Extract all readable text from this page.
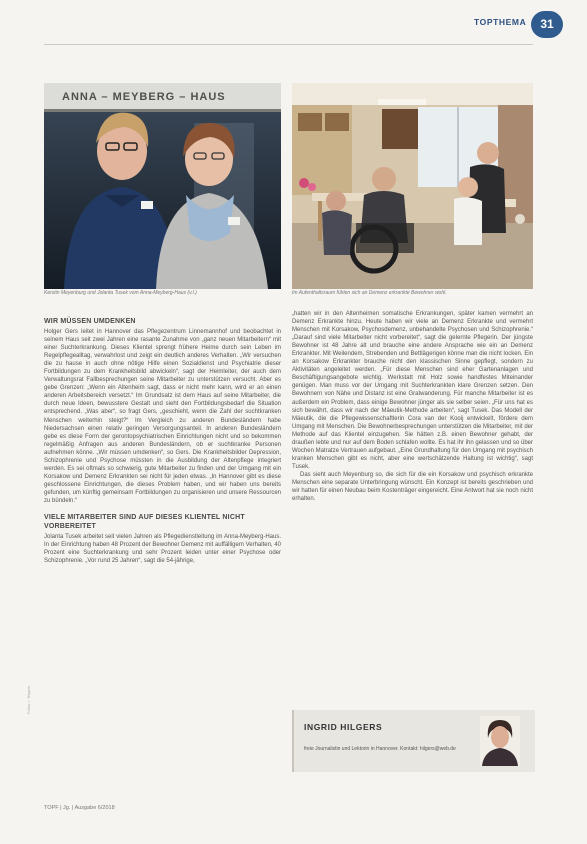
TOPTHEMA	31
ANNA – MEYBERG – HAUS
Kerstin Meyenburg und Jolanta Tusek vom Anna-Meyberg-Haus (v.l.)	Im Aufenthaltsraum fühlen sich an Demenz erkrankte Bewohner wohl.
WIR MÜSSEN UMDENKEN

Holger Gers leitet in Hannover das Pflegezentrum Linnemannhof und beobachtet in seinem Haus seit zwei Jahren eine rasante Zunahme von „ganz neuen Mitarbeitern“ mit einer Suchterkrankung. Dieses Klientel sprengt frühere Heime durch sein Leben im Regelpflegealltag, verwahrlost und zeigt ein deutlich anderes Verhalten. „Wir versuchen die zu hause in auch ohne nötige Hilfe einen Sozialdienst und Psychiatrie dieser Fortbildungen zu dem Krankheitsbild abwickeln“, sagt der Heimleiter, der auch dem Verwaltungsrat Fallbesprechungen seine Mitarbeiter zu unterstützen versucht. Aber es gebe Grenzen: „Wenn ein Altenheim sagt, dass er nicht mehr kann, wird er an einen anderen Arbeitsbereich versetzt.“ Im Grundsatz ist dem Haus auf seine Mitarbeiter, die durch neue Ideen, bewusstere Gestalt und sieht den Fortbildungsbedarf die Situation entsprechend. „Was aber“, so fragt Gers, „geschieht, wenn die Zahl der suchtkranken Menschen weiterhin steigt?“ Im Vergleich zu anderen Bundesländern habe Niedersachsen einen relativ geringen Versorgungsanteil. In anderen Bundesländern gebe es diese Form der gerontopsychiatrischen Einrichtungen nicht und so bekommen regelmäßig Anfragen aus anderen Bundesländern, ob er suchtkranke Personen aufnehmen könne. „Wir müssen umdenken“, so Gers. Die Krankheitsbilder Depression, Schizophrenie und Psychose müssten in die Ausbildung der Altenpflege integriert werden. Es sei oftmals so schwierig, gute Mitarbeiter zu finden und der Umgang mit ein Korsakow und Demenz Erkrankten sei nicht für jeden etwas. „In Hannover gibt es diese geschlossene Einrichtungen, die dieses Problem haben, und wir haben uns bereits gefunden, um künftig gemeinsam Fortbildungen zu organisieren und unsere Ressourcen zu bündeln.“

VIELE MITARBEITER SIND AUF DIESES KLIENTEL NICHT VORBEREITET

Jolanta Tusek arbeitet seit vielen Jahren als Pflegedienstleitung im Anna-Meyberg-Haus. In der Einrichtung haben 48 Prozent der Bewohner Demenz mit auffälligem Verhalten, 40 Prozent eine Suchterkrankung und sehr Prozent leiden unter einer Psychose oder Schizophrenie. „Vor rund 25 Jahren“, sagt die 54-jährige,

„hatten wir in den Altenheimen somatische Erkrankungen, später kamen vermehrt an Demenz Erkrankte hinzu. Heute haben wir viele an Demenz Erkrankte und vermehrt Menschen mit Korsakow, Psychosdemenz, unbehandelte Psychosen und Schizophrenie.“ „Darauf sind viele Mitarbeiter nicht vorbereitet“, sagt die gelernte Pflegerin. Der jüngste Bewohner ist 48 Jahre alt und brauche eine andere Ansprache wie ein an Demenz Erkrankter. Mit Weilendem, Strebenden und Bettlägerigen könne man die nicht locken. Ein an Korsakow Erkrankter brauche nicht den klassischen Sinne gepflegt, sondern zu Aktivitäten angeleitet werden. „Für diese Menschen sind eher Gartenanlagen und Beschäftigungsangebote wichtig. Werkstatt mit Holz sowie handfestes Miteinander genügen. Man muss vor der Umgang mit Suchterkrankten klare Grenzen setzen. Den Bewohnern von Nähe und Distanz ist eine Gratwanderung. Für manche Mitarbeiter ist es außerdem ein Problem, dass einige Bewohner jünger als sie selber seien. „Für uns hat es sich bewährt, dass wir nach der Mäeutik-Methode arbeiten“, sagt Tusek. Das Modell der Mäeutik, die die Pflegewissenschaftlerin Cora van der Kooij entwickelt, fördere dem Umgang mit Menschen. Die Bewohnerbesprechungen unterstützen die Mitarbeiter, mit der Methode auf das Klientel einzugehen. Sie hätten z.B. einen Bewohner gehabt, der draußen lebte und nur auf dem Boden schlafen wollte. Es hat ihr ihn gelassen und so über Wochen Matratze Vertrauen aufgebaut. „Eine Grundhaltung für den Umgang mit psychisch kranken Menschen gibt es nicht, aber eine wertschätzende Haltung ist wichtig“, sagt Tusek.

Das sieht auch Meyenburg so, die sich für die ein Korsakow und psychisch erkrankte Menschen eine separate Unterbringung wünscht. Ein Konzept ist bereits geschrieben und wir hatten für einen Neubau beim Kostenträger eingereicht. Eine Antwort hat sie noch nicht erhalten.

INGRID HILGERS
freie Journalistin und Lektorin in Hannover. Kontakt: hilgers@web.de
Fotos: I. Hilgers
TOPF | Jg. | Ausgabe 6/2018
